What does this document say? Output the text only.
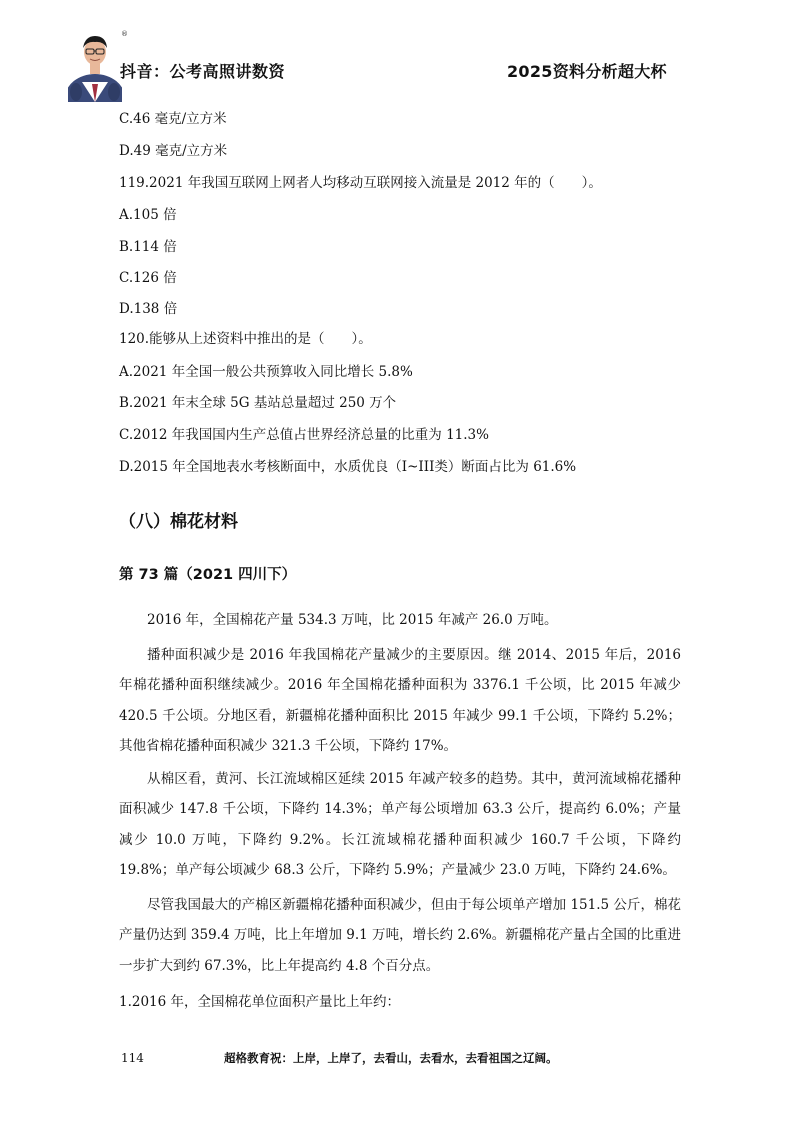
®
抖音：公考高照讲数资	2025资料分析超大杯
C.46 毫克/立方米
D.49 毫克/立方米
119.2021 年我国互联网上网者人均移动互联网接入流量是 2012 年的（　　）。
A.105 倍
B.114 倍
C.126 倍
D.138 倍
120.能够从上述资料中推出的是（　　）。
A.2021 年全国一般公共预算收入同比增长 5.8%
B.2021 年末全球 5G 基站总量超过 250 万个
C.2012 年我国国内生产总值占世界经济总量的比重为 11.3%
D.2015 年全国地表水考核断面中，水质优良（I~III类）断面占比为 61.6%
（八）棉花材料
第 73 篇（2021 四川下）
2016 年，全国棉花产量 534.3 万吨，比 2015 年减产 26.0 万吨。
播种面积减少是 2016 年我国棉花产量减少的主要原因。继 2014、2015 年后，2016 年棉花播种面积继续减少。2016 年全国棉花播种面积为 3376.1 千公顷，比 2015 年减少 420.5 千公顷。分地区看，新疆棉花播种面积比 2015 年减少 99.1 千公顷，下降约 5.2%；其他省棉花播种面积减少 321.3 千公顷，下降约 17%。
从棉区看，黄河、长江流域棉区延续 2015 年减产较多的趋势。其中，黄河流域棉花播种面积减少 147.8 千公顷，下降约 14.3%；单产每公顷增加 63.3 公斤，提高约 6.0%；产量减少 10.0 万吨，下降约 9.2%。长江流域棉花播种面积减少 160.7 千公顷，下降约 19.8%；单产每公顷减少 68.3 公斤，下降约 5.9%；产量减少 23.0 万吨，下降约 24.6%。
尽管我国最大的产棉区新疆棉花播种面积减少，但由于每公顷单产增加 151.5 公斤，棉花产量仍达到 359.4 万吨，比上年增加 9.1 万吨，增长约 2.6%。新疆棉花产量占全国的比重进一步扩大到约 67.3%，比上年提高约 4.8 个百分点。
1.2016 年，全国棉花单位面积产量比上年约：
114	超格教育祝：上岸，上岸了，去看山，去看水，去看祖国之辽阔。
